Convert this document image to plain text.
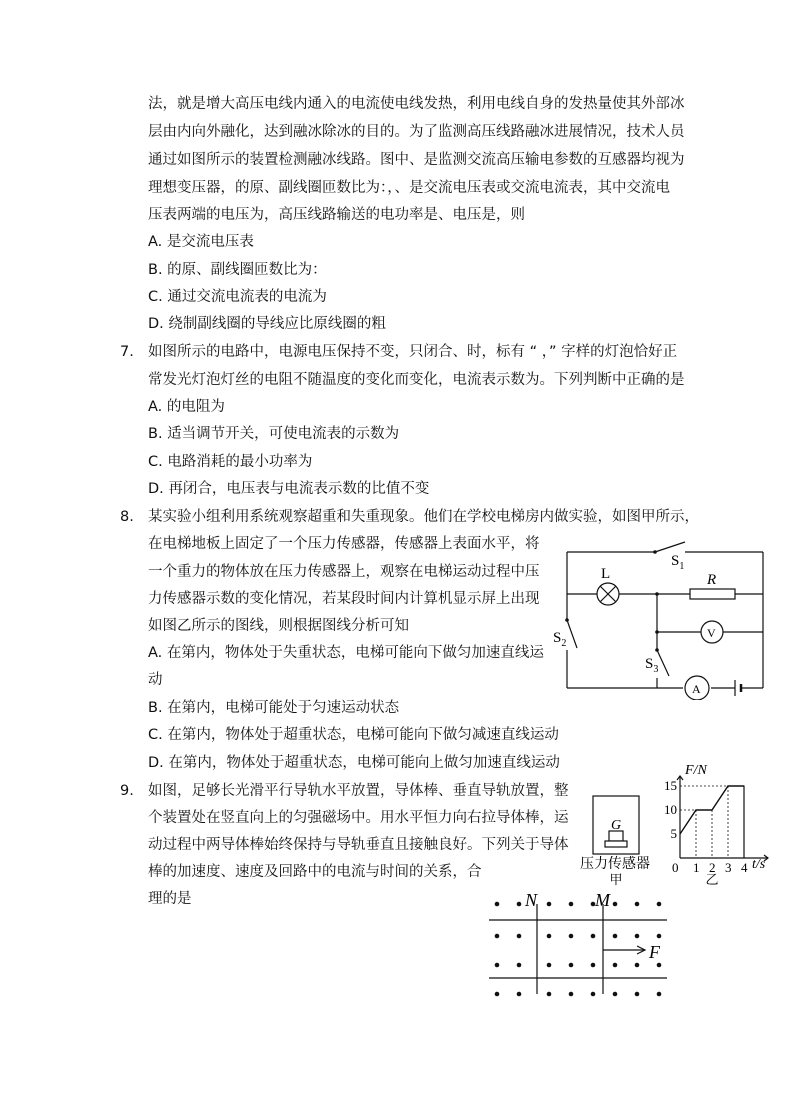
法，就是增大高压电线内通入的电流使电线发热，利用电线自身的发热量使其外部冰
层由内向外融化，达到融冰除冰的目的。为了监测高压线路融冰进展情况，技术人员
通过如图所示的装置检测融冰线路。图中、是监测交流高压输电参数的互感器均视为
理想变压器，的原、副线圈匝数比为：，、是交流电压表或交流电流表，其中交流电
压表两端的电压为，高压线路输送的电功率是、电压是，则
A. 是交流电压表
B. 的原、副线圈匝数比为：
C. 通过交流电流表的电流为
D. 绕制副线圈的导线应比原线圈的粗
7. 如图所示的电路中，电源电压保持不变，只闭合、时，标有 “ ，” 字样的灯泡恰好正
常发光灯泡灯丝的电阻不随温度的变化而变化，电流表示数为。下列判断中正确的是
A. 的电阻为
B. 适当调节开关，可使电流表的示数为
C. 电路消耗的最小功率为
D. 再闭合，电压表与电流表示数的比值不变
8. 某实验小组利用系统观察超重和失重现象。他们在学校电梯房内做实验，如图甲所示，
在电梯地板上固定了一个压力传感器，传感器上表面水平，将
一个重力的物体放在压力传感器上，观察在电梯运动过程中压
力传感器示数的变化情况，若某段时间内计算机显示屏上出现
如图乙所示的图线，则根据图线分析可知
A. 在第内，物体处于失重状态，电梯可能向下做匀加速直线运
动
B. 在第内，电梯可能处于匀速运动状态
C. 在第内，物体处于超重状态，电梯可能向下做匀减速直线运动
D. 在第内，物体处于超重状态，电梯可能向上做匀加速直线运动
9. 如图，足够长光滑平行导轨水平放置，导体棒、垂直导轨放置，整
个装置处在竖直向上的匀强磁场中。用水平恒力向右拉导体棒，运
动过程中两导体棒始终保持与导轨垂直且接触良好。下列关于导体
棒的加速度、速度及回路中的电流与时间的关系，合
理的是
$S_1$
L	R
V
$S_2$
$S_3$
A
G
压力传感器
甲
0 1 2 3 4
5
10
15
F/N
t/s
乙
N	M
F
